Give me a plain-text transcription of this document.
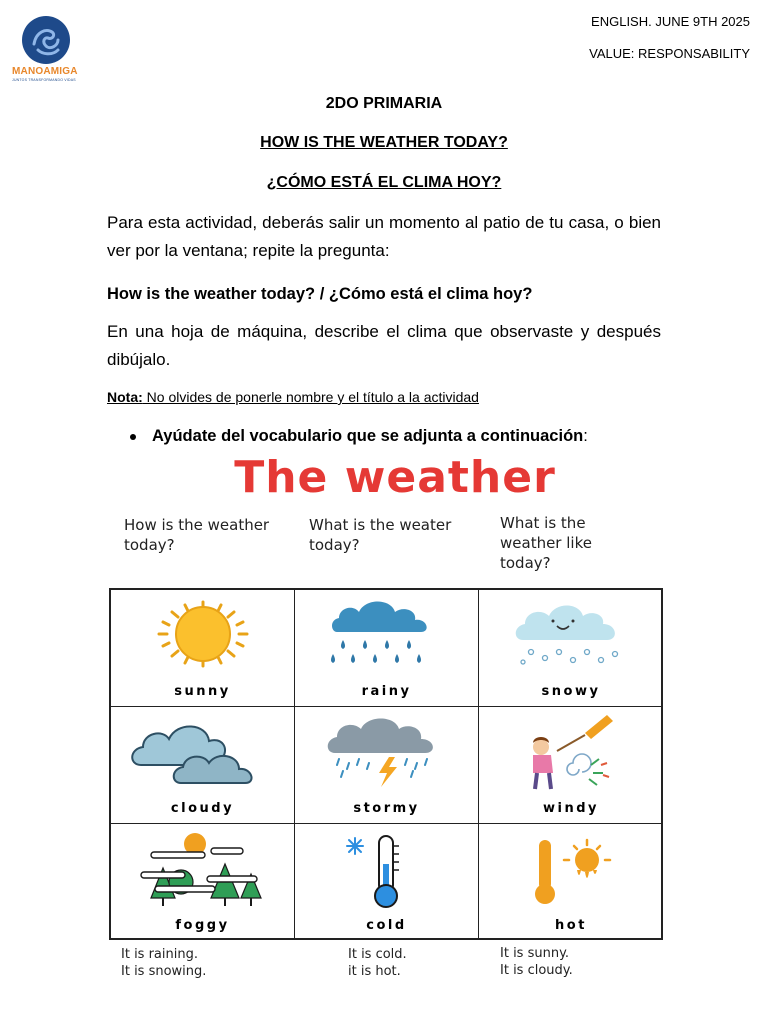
MANOAMIGA
JUNTOS TRANSFORMANDO VIDAS
ENGLISH. JUNE 9TH 2025
VALUE: RESPONSABILITY
2DO PRIMARIA
HOW IS THE WEATHER TODAY?
¿CÓMO ESTÁ EL CLIMA HOY?
Para esta actividad, deberás salir un momento al patio de tu casa, o bien ver por la ventana; repite la pregunta:
How is the weather today? / ¿Cómo está el clima hoy?
En una hoja de máquina, describe el clima que observaste y después dibújalo.
Nota: No olvides de ponerle nombre y el título a la actividad
Ayúdate del vocabulario que se adjunta a continuación:
The weather
How is the weather today?
What is the weater today?
What is the weather like today?
sunny	rainy	snowy
cloudy	stormy	windy
foggy	cold	hot
It is raining.
It is snowing.
It is cold.
it is hot.
It is sunny.
It is cloudy.
